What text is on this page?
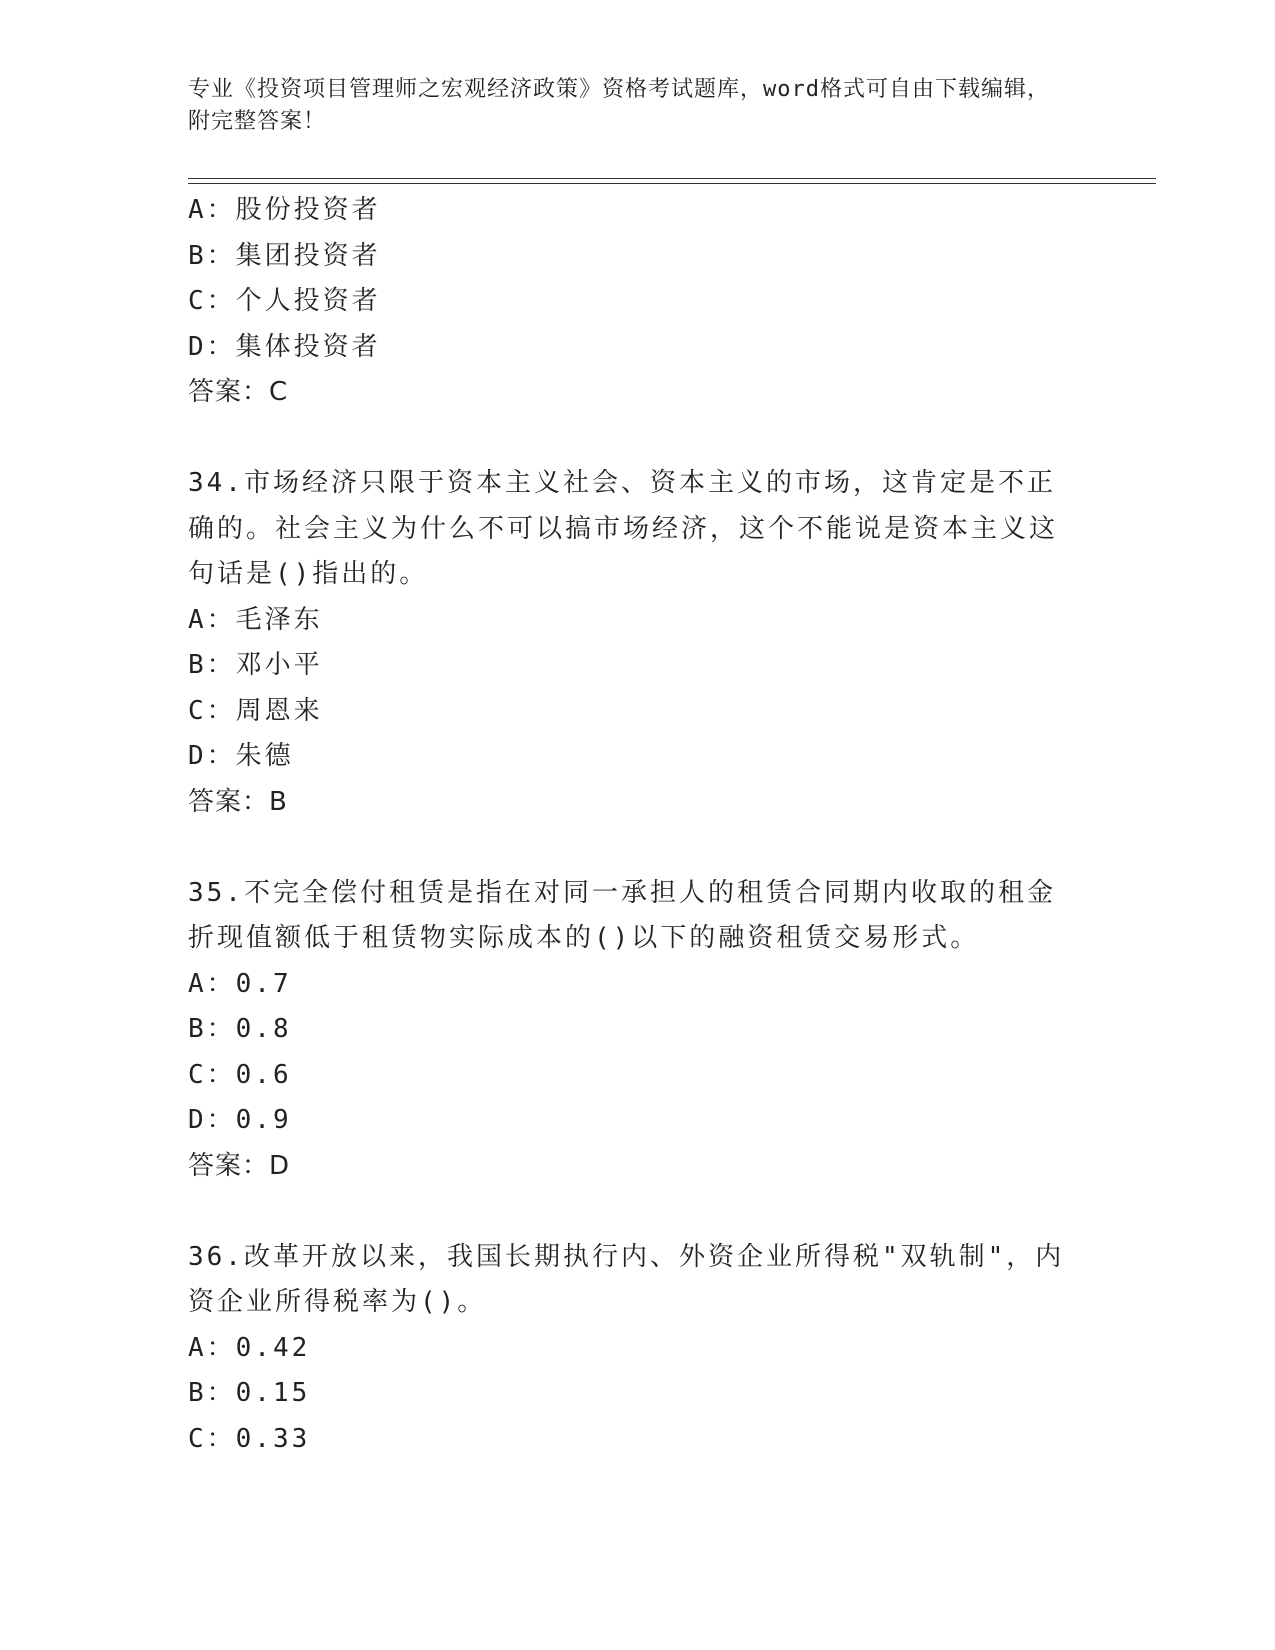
专业《投资项目管理师之宏观经济政策》资格考试题库，word格式可自由下载编辑，附完整答案！
A：股份投资者
B：集团投资者
C：个人投资者
D：集体投资者
答案：C
34.市场经济只限于资本主义社会、资本主义的市场，这肯定是不正确的。社会主义为什么不可以搞市场经济，这个不能说是资本主义这句话是()指出的。
A：毛泽东
B：邓小平
C：周恩来
D：朱德
答案：B
35.不完全偿付租赁是指在对同一承担人的租赁合同期内收取的租金折现值额低于租赁物实际成本的()以下的融资租赁交易形式。
A：0.7
B：0.8
C：0.6
D：0.9
答案：D
36.改革开放以来，我国长期执行内、外资企业所得税"双轨制"，内资企业所得税率为()。
A：0.42
B：0.15
C：0.33
